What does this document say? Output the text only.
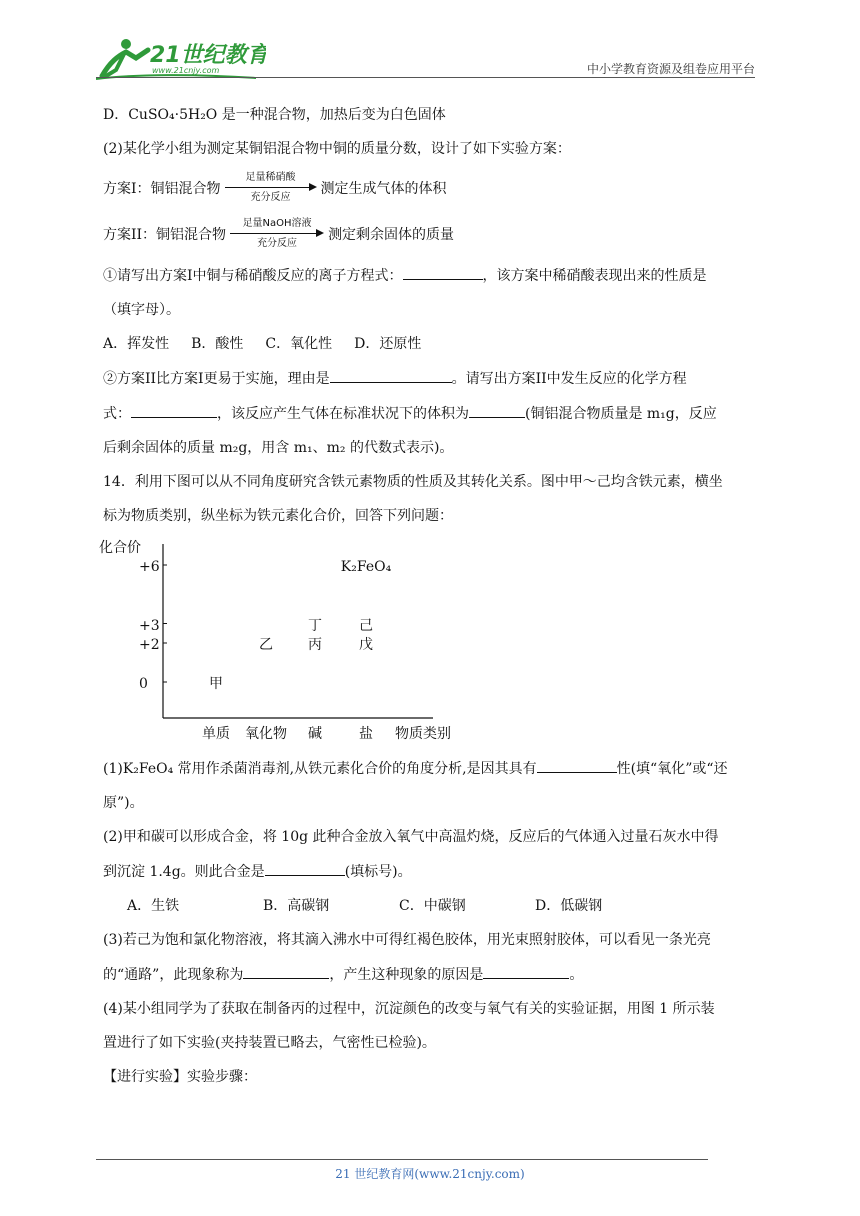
21世纪教育
www.21cnjy.com	中小学教育资源及组卷应用平台

D．CuSO₄·5H₂O 是一种混合物，加热后变为白色固体

(2)某化学小组为测定某铜铝混合物中铜的质量分数，设计了如下实验方案：

方案I：铜铝混合物
足量稀硝酸
充分反应
测定生成气体的体积
方案II：铜铝混合物
足量NaOH溶液
充分反应
测定剩余固体的质量

①请写出方案I中铜与稀硝酸反应的离子方程式：	，该方案中稀硝酸表现出来的性质是

（填字母）。

A．挥发性 B．酸性 C．氧化性 D．还原性

②方案II比方案I更易于实施，理由是	。请写出方案II中发生反应的化学方程

式：	，该反应产生气体在标准状况下的体积为	(铜铝混合物质量是 m₁g，反应

后剩余固体的质量 m₂g，用含 m₁、m₂ 的代数式表示)。

14．利用下图可以从不同角度研究含铁元素物质的性质及其转化关系。图中甲～己均含铁元素，横坐

标为物质类别，纵坐标为铁元素化合价，回答下列问题：

+6
+3
+2
0
单质 氧化物 碱	盐
甲
乙	丙
丁
戊
己
K₂FeO₄
化合价
物质类别

(1)K₂FeO₄ 常用作杀菌消毒剂,从铁元素化合价的角度分析,是因其具有	性(填“氧化”或“还

原”)。

(2)甲和碳可以形成合金，将 10g 此种合金放入氧气中高温灼烧，反应后的气体通入过量石灰水中得

到沉淀 1.4g。则此合金是	(填标号)。

A．生铁	B．高碳钢	C．中碳钢	D．低碳钢

(3)若己为饱和氯化物溶液，将其滴入沸水中可得红褐色胶体，用光束照射胶体，可以看见一条光亮

的“通路”，此现象称为	，产生这种现象的原因是	。

(4)某小组同学为了获取在制备丙的过程中，沉淀颜色的改变与氧气有关的实验证据，用图 1 所示装

置进行了如下实验(夹持装置已略去，气密性已检验)。

【进行实验】实验步骤：

21 世纪教育网(www.21cnjy.com)
